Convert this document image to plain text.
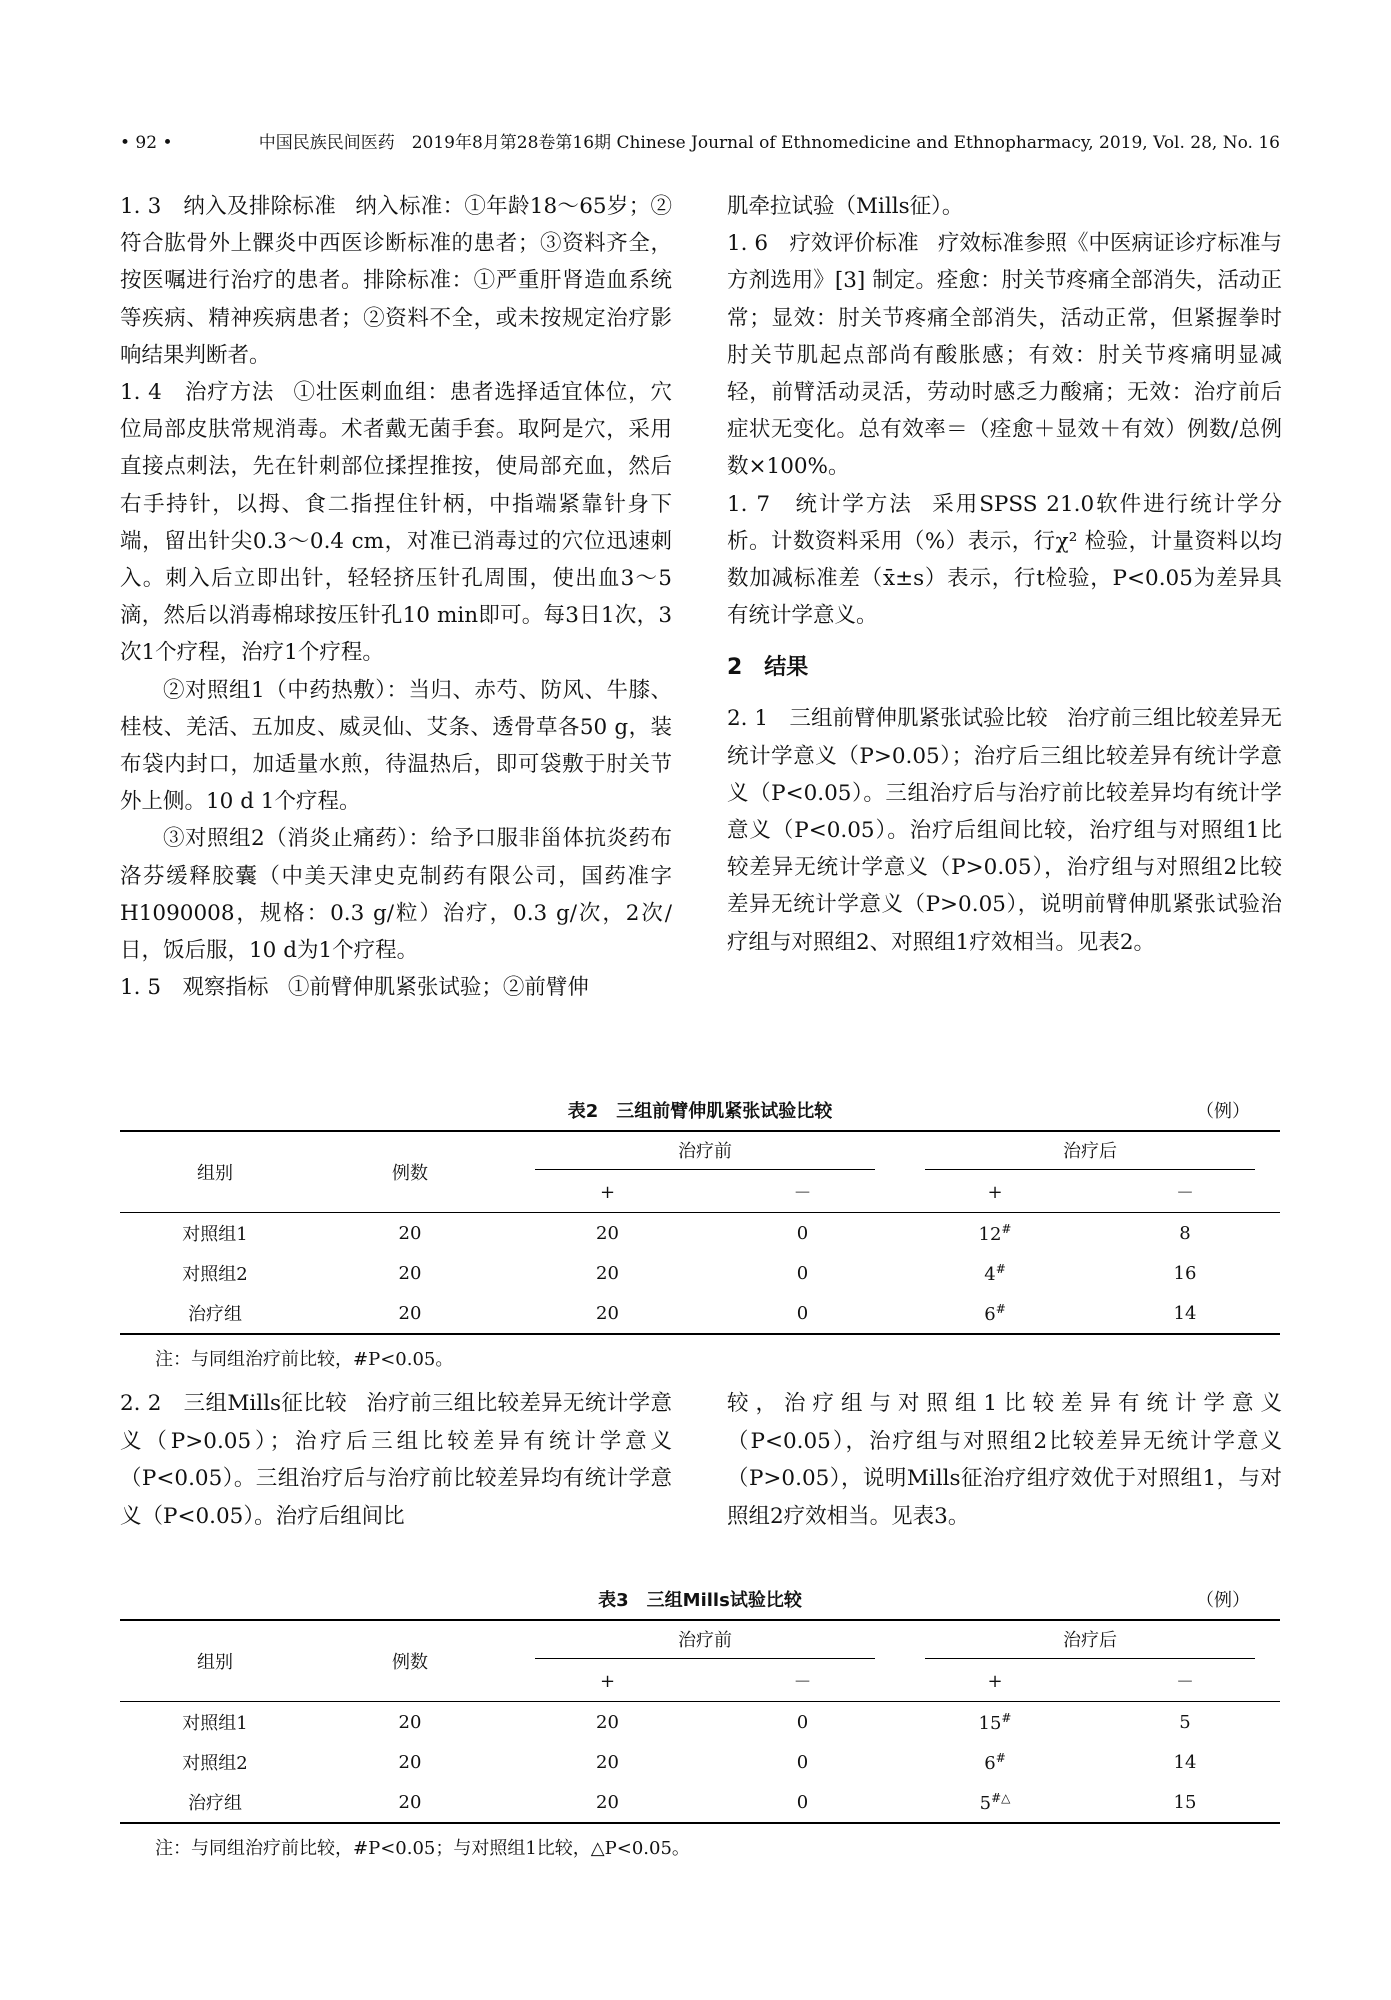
• 92 •	中国民族民间医药　2019年8月第28卷第16期 Chinese Journal of Ethnomedicine and Ethnopharmacy, 2019, Vol. 28, No. 16

1. 3　纳入及排除标准 纳入标准：①年龄18～65岁；②符合肱骨外上髁炎中西医诊断标准的患者；③资料齐全，按医嘱进行治疗的患者。排除标准：①严重肝肾造血系统等疾病、精神疾病患者；②资料不全，或未按规定治疗影响结果判断者。

1. 4　治疗方法 ①壮医刺血组：患者选择适宜体位，穴位局部皮肤常规消毒。术者戴无菌手套。取阿是穴，采用直接点刺法，先在针刺部位揉捏推按，使局部充血，然后右手持针，以拇、食二指捏住针柄，中指端紧靠针身下端，留出针尖0.3～0.4 cm，对准已消毒过的穴位迅速刺入。刺入后立即出针，轻轻挤压针孔周围，使出血3～5滴，然后以消毒棉球按压针孔10 min即可。每3日1次，3次1个疗程，治疗1个疗程。

②对照组1（中药热敷）：当归、赤芍、防风、牛膝、桂枝、羌活、五加皮、威灵仙、艾条、透骨草各50 g，装布袋内封口，加适量水煎，待温热后，即可袋敷于肘关节外上侧。10 d 1个疗程。

③对照组2（消炎止痛药）：给予口服非甾体抗炎药布洛芬缓释胶囊（中美天津史克制药有限公司，国药准字H1090008，规格：0.3 g/粒）治疗，0.3 g/次，2次/日，饭后服，10 d为1个疗程。

1. 5　观察指标 ①前臂伸肌紧张试验；②前臂伸

肌牵拉试验（Mills征）。

1. 6　疗效评价标准 疗效标准参照《中医病证诊疗标准与方剂选用》[3] 制定。痊愈：肘关节疼痛全部消失，活动正常；显效：肘关节疼痛全部消失，活动正常，但紧握拳时肘关节肌起点部尚有酸胀感；有效：肘关节疼痛明显减轻，前臂活动灵活，劳动时感乏力酸痛；无效：治疗前后症状无变化。总有效率＝（痊愈＋显效＋有效）例数/总例数×100%。

1. 7　统计学方法 采用SPSS 21.0软件进行统计学分析。计数资料采用（%）表示，行χ² 检验，计量资料以均数加减标准差（x̄±s）表示，行t检验，P<0.05为差异具有统计学意义。

2　结果

2. 1　三组前臂伸肌紧张试验比较 治疗前三组比较差异无统计学意义（P>0.05）；治疗后三组比较差异有统计学意义（P<0.05）。三组治疗后与治疗前比较差异均有统计学意义（P<0.05）。治疗后组间比较，治疗组与对照组1比较差异无统计学意义（P>0.05），治疗组与对照组2比较差异无统计学意义（P>0.05），说明前臂伸肌紧张试验治疗组与对照组2、对照组1疗效相当。见表2。

表2　三组前臂伸肌紧张试验比较	（例）
组别	例数	治疗前		治疗后	

		+	－	+	－
对照组1	20	20	0	12#	8
对照组2	20	20	0	4#	16
治疗组	20	20	0	6#	14
注：与同组治疗前比较，#P<0.05。
2. 2　三组Mills征比较 治疗前三组比较差异无统计学意义（P>0.05）；治疗后三组比较差异有统计学意义（P<0.05）。三组治疗后与治疗前比较差异均有统计学意义（P<0.05）。治疗后组间比
较，治疗组与对照组1比较差异有统计学意义（P<0.05），治疗组与对照组2比较差异无统计学意义（P>0.05），说明Mills征治疗组疗效优于对照组1，与对照组2疗效相当。见表3。
表3　三组Mills试验比较	（例）
组别	例数	治疗前		治疗后	

		+	－	+	－
对照组1	20	20	0	15#	5
对照组2	20	20	0	6#	14
治疗组	20	20	0	5#△	15
注：与同组治疗前比较，#P<0.05；与对照组1比较，△P<0.05。
